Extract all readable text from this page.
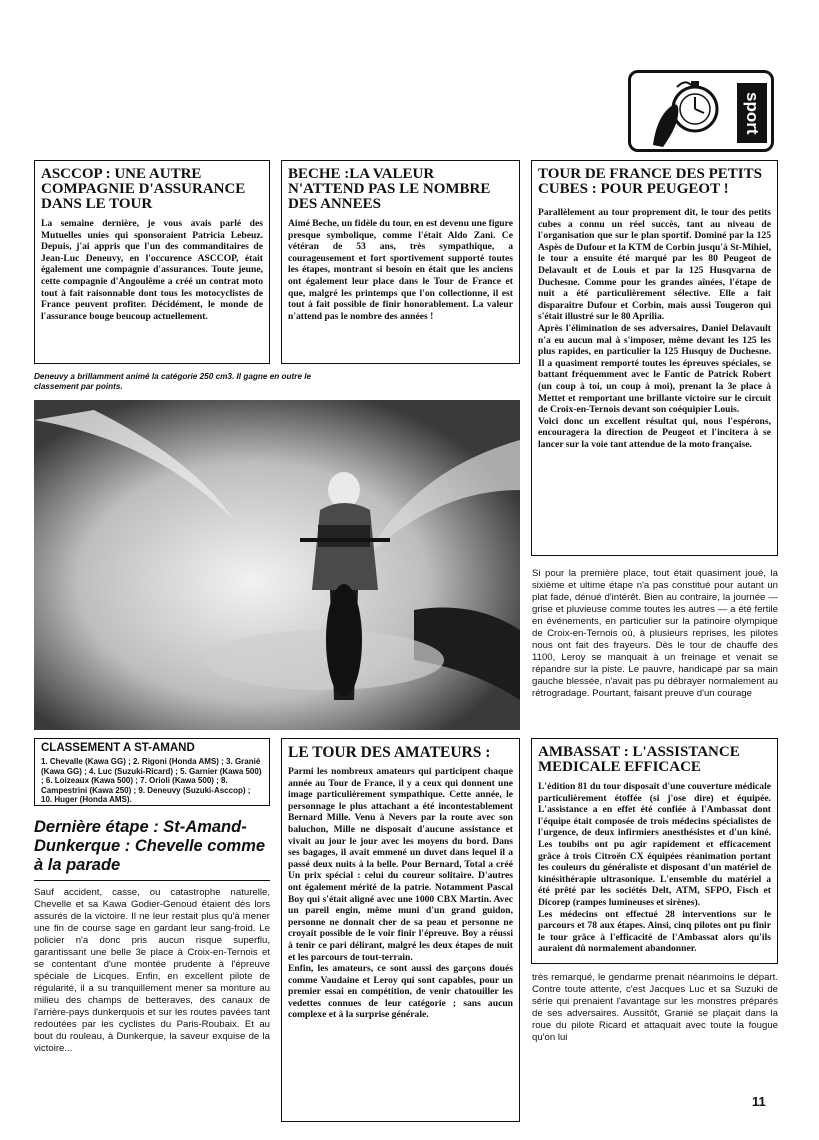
sport
ASCCOP : UNE AUTRE COMPAGNIE D'ASSURANCE DANS LE TOUR

La semaine dernière, je vous avais parlé des Mutuelles unies qui sponsoraient Patricia Lebeuz. Depuis, j'ai appris que l'un des commanditaires de Jean-Luc Deneuvy, en l'occurence ASCCOP, était également une compagnie d'assurances. Toute jeune, cette compagnie d'Angoulême a créé un contrat moto tout à fait raisonnable dont tous les motocyclistes de France peuvent profiter. Décidément, le monde de l'assurance bouge beucoup actuellement.

BECHE :LA VALEUR N'ATTEND PAS LE NOMBRE DES ANNEES

Aimé Beche, un fidèle du tour, en est devenu une figure presque symbolique, comme l'était Aldo Zani. Ce vétéran de 53 ans, très sympathique, a courageusement et fort sportivement supporté toutes les étapes, montrant si besoin en était que les anciens ont également leur place dans le Tour de France et que, malgré les printemps que l'on collectionne, il est tout à fait possible de finir honorablement. La valeur n'attend pas le nombre des années !

TOUR DE FRANCE DES PETITS CUBES : POUR PEUGEOT !

Parallèlement au tour proprement dit, le tour des petits cubes a connu un réel succès, tant au niveau de l'organisation que sur le plan sportif. Dominé par la 125 Aspès de Dufour et la KTM de Corbin jusqu'à St-Mihiel, le tour a ensuite été marqué par les 80 Peugeot de Delavault et de Louis et par la 125 Husqvarna de Duchesne. Comme pour les grandes aînées, l'étape de nuit a été particulièrement sélective. Elle a fait disparaître Dufour et Corbin, mais aussi Tougeron qui s'était illustré sur le 80 Aprilia.
Après l'élimination de ses adversaires, Daniel Delavault n'a eu aucun mal à s'imposer, même devant les 125 les plus rapides, en particulier la 125 Husquy de Duchesne. Il a quasiment remporté toutes les épreuves spéciales, se battant fréquemment avec le Fantic de Patrick Robert (un coup à toi, un coup à moi), prenant la 3e place à Mettet et remportant une brillante victoire sur le circuit de Croix-en-Ternois devant son coéquipier Louis.
Voici donc un excellent résultat qui, nous l'espérons, encouragera la direction de Peugeot et l'incitera à se lancer sur la voie tant attendue de la moto française.

Deneuvy a brillamment animé la catégorie 250 cm3. Il gagne en outre le classement par points.
Si pour la première place, tout était quasiment joué, la sixième et ultime étape n'a pas constitué pour autant un plat fade, dénué d'intérêt. Bien au contraire, la journée — grise et pluvieuse comme toutes les autres — a été fertile en événements, en particulier sur la patinoire olympique de Croix-en-Ternois où, à plusieurs reprises, les pilotes nous ont fait des frayeurs. Dès le tour de chauffe des 1100, Leroy se manquait à un freinage et venait se répandre sur la piste. Le pauvre, handicapé par sa main gauche blessée, n'avait pas pu débrayer normalement au rétrogradage. Pourtant, faisant preuve d'un courage
CLASSEMENT A ST-AMAND

1. Chevalle (Kawa GG) ; 2. Rigoni (Honda AMS) ; 3. Granié (Kawa GG) ; 4. Luc (Suzuki-Ricard) ; 5. Garnier (Kawa 500) ; 6. Loizeaux (Kawa 500) ; 7. Orioli (Kawa 500) ; 8. Campestrini (Kawa 250) ; 9. Deneuvy (Suzuki-Asccop) ; 10. Huger (Honda AMS).

Dernière étape : St-Amand-Dunkerque : Chevelle comme à la parade

Sauf accident, casse, ou catastrophe naturelle, Chevelle et sa Kawa Godier-Genoud étaient dès lors assurés de la victoire. Il ne leur restait plus qu'à mener une fin de course sage en gardant leur sang-froid. Le policier n'a donc pris aucun risque superflu, garantissant une belle 3e place à Croix-en-Ternois et se contentant d'une montée prudente à l'épreuve spéciale de Licques. Enfin, en excellent pilote de régularité, il a su tranquillement mener sa monture au milieu des champs de betteraves, des canaux de l'arrière-pays dunkerquois et sur les routes pavées tant redoutées par les cyclistes du Paris-Roubaix. Et au bout du rouleau, à Dunkerque, la saveur exquise de la victoire...

LE TOUR DES AMATEURS :

Parmi les nombreux amateurs qui participent chaque année au Tour de France, il y a ceux qui donnent une image particulièrement sympathique. Cette année, le personnage le plus attachant a été incontestablement Bernard Mille. Venu à Nevers par la route avec son baluchon, Mille ne disposait d'aucune assistance et vivait au jour le jour avec les moyens du bord. Dans ses bagages, il avait emmené un duvet dans lequel il a passé deux nuits à la belle. Pour Bernard, Total a créé Un prix spécial : celui du coureur solitaire. D'autres ont également mérité de la patrie. Notamment Pascal Boy qui s'était aligné avec une 1000 CBX Martin. Avec un pareil engin, même muni d'un grand guidon, personne ne donnait cher de sa peau et personne ne croyait possible de le voir finir l'épreuve. Boy a réussi à tenir ce pari délirant, malgré les deux étapes de nuit et les parcours de tout-terrain.
Enfin, les amateurs, ce sont aussi des garçons doués comme Vaudaine et Leroy qui sont capables, pour un premier essai en compétition, de venir chatouiller les vedettes connues de leur catégorie ; sans aucun complexe et à la surprise générale.

AMBASSAT : L'ASSISTANCE MEDICALE EFFICACE

L'édition 81 du tour disposait d'une couverture médicale particulièrement étoffée (si j'ose dire) et équipée. L'assistance a en effet été confiée à l'Ambassat dont l'équipe était composée de trois médecins spécialistes de l'urgence, de deux infirmiers anesthésistes et d'un kiné. Les toubibs ont pu agir rapidement et efficacement grâce à trois Citroën CX équipées réanimation portant les couleurs du généraliste et disposant d'un matériel de kinésithérapie ultrasonique. L'ensemble du matériel a été prêté par les sociétés Delt, ATM, SFPO, Fisch et Dicorep (rampes lumineuses et sirènes).
Les médecins ont effectué 28 interventions sur le parcours et 78 aux étapes. Ainsi, cinq pilotes ont pu finir le tour grâce à l'efficacité de l'Ambassat alors qu'ils auraient dû normalement abandonner.

très remarqué, le gendarme prenait néanmoins le départ. Contre toute attente, c'est Jacques Luc et sa Suzuki de série qui prenaient l'avantage sur les monstres préparés de ses adversaires. Aussitôt, Granié se plaçait dans la roue du pilote Ricard et attaquait avec toute la fougue qu'on lui
11
